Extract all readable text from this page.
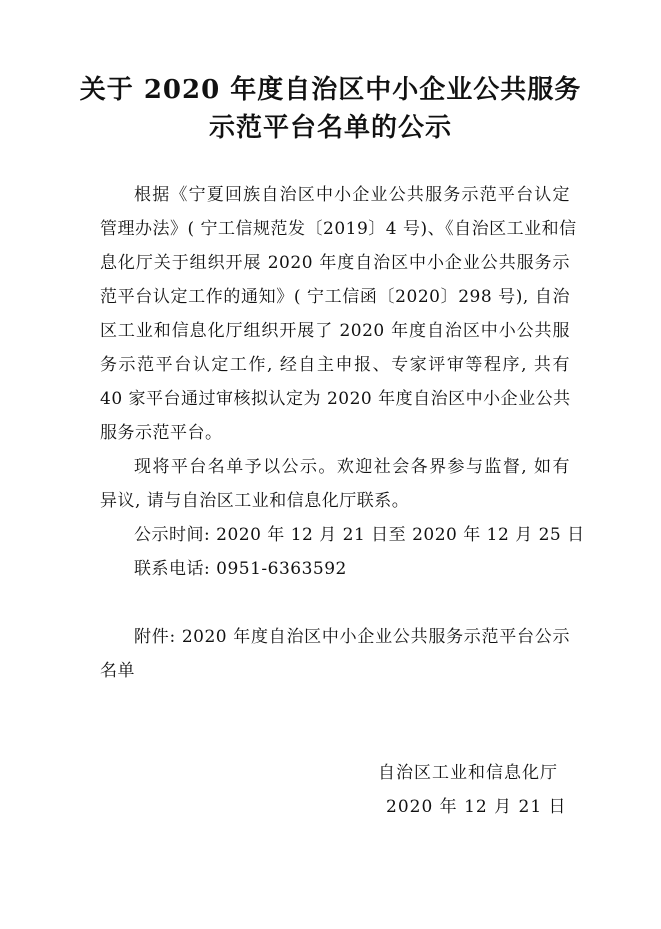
关于 2020 年度自治区中小企业公共服务
示范平台名单的公示
根据《宁夏回族自治区中小企业公共服务示范平台认定
管理办法》( 宁工信规范发〔2019〕4 号)、《自治区工业和信
息化厅关于组织开展 2020 年度自治区中小企业公共服务示
范平台认定工作的通知》( 宁工信函〔2020〕298 号), 自治
区工业和信息化厅组织开展了 2020 年度自治区中小公共服
务示范平台认定工作, 经自主申报、专家评审等程序, 共有
40 家平台通过审核拟认定为 2020 年度自治区中小企业公共
服务示范平台。
现将平台名单予以公示。欢迎社会各界参与监督, 如有
异议, 请与自治区工业和信息化厅联系。
公示时间: 2020 年 12 月 21 日至 2020 年 12 月 25 日
联系电话: 0951-6363592
附件: 2020 年度自治区中小企业公共服务示范平台公示
名单
自治区工业和信息化厅
2020 年 12 月 21 日
